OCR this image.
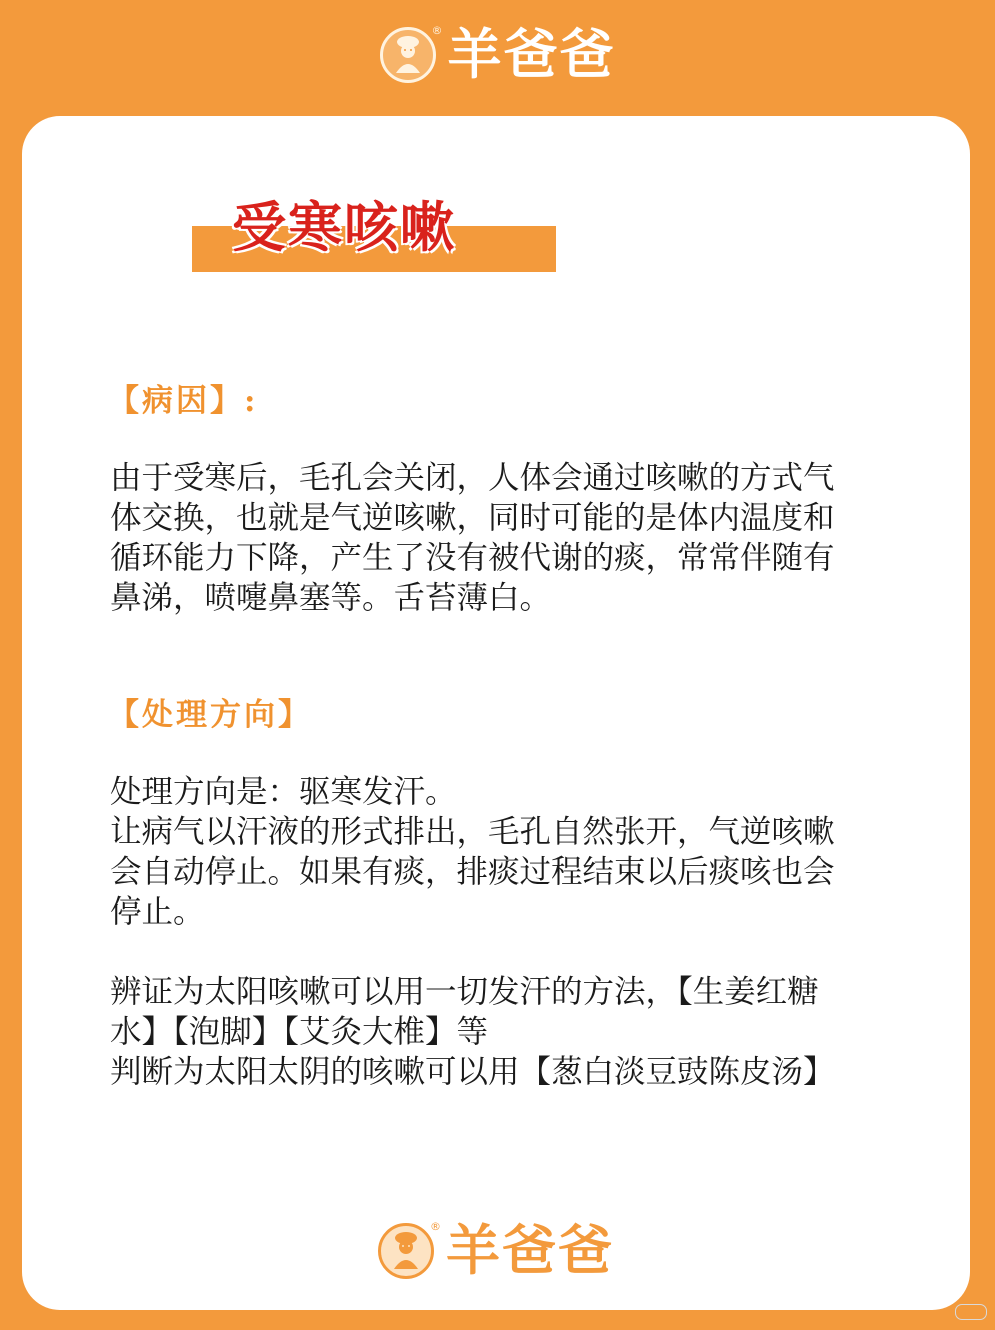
® 羊爸爸
受寒咳嗽
【病因】:

由于受寒后，毛孔会关闭，人体会通过咳嗽的方式气
体交换，也就是气逆咳嗽，同时可能的是体内温度和
循环能力下降，产生了没有被代谢的痰，常常伴随有
鼻涕，喷嚏鼻塞等。舌苔薄白。

【处理方向】

处理方向是：驱寒发汗。
让病气以汗液的形式排出，毛孔自然张开，气逆咳嗽
会自动停止。如果有痰，排痰过程结束以后痰咳也会
停止。

辨证为太阳咳嗽可以用一切发汗的方法，【生姜红糖
水】【泡脚】【艾灸大椎】等
判断为太阳太阴的咳嗽可以用【葱白淡豆豉陈皮汤】

® 羊爸爸
